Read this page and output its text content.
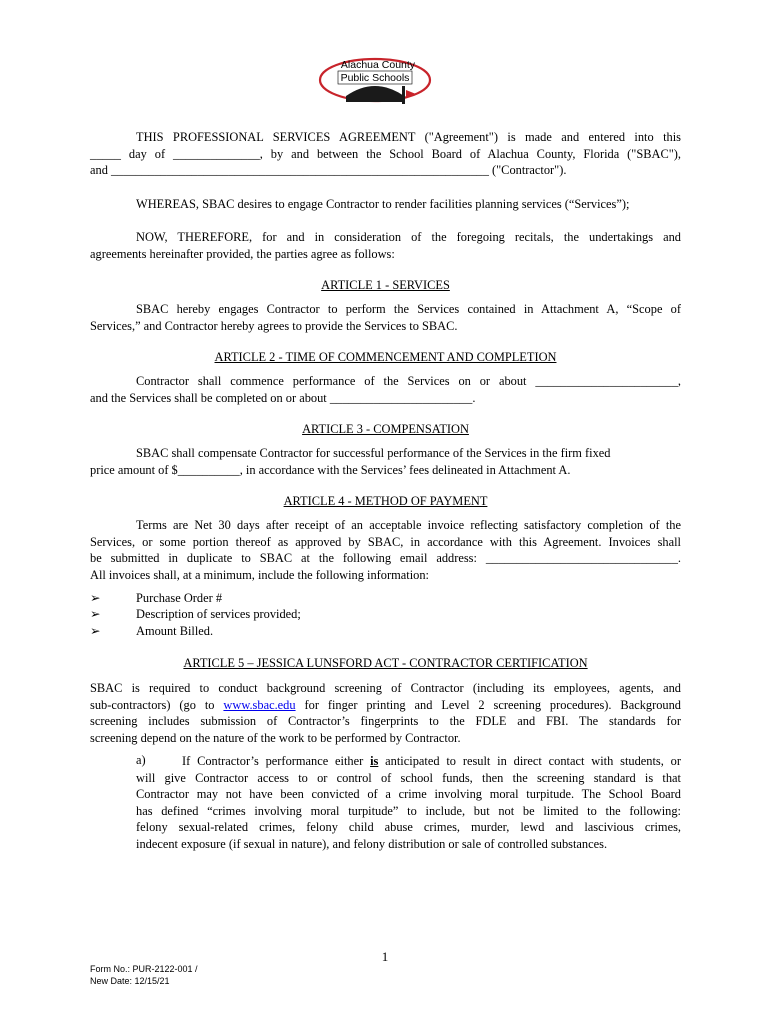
Alachua County
Public Schools
THIS PROFESSIONAL SERVICES AGREEMENT ("Agreement") is made and entered into this
_____ day of ______________, by and between the School Board of Alachua County, Florida ("SBAC"),
and _____________________________________________________________ ("Contractor").
WHEREAS, SBAC desires to engage Contractor to render facilities planning services (“Services”);
NOW, THEREFORE, for and in consideration of the foregoing recitals, the undertakings and
agreements hereinafter provided, the parties agree as follows:
ARTICLE 1 - SERVICES
SBAC hereby engages Contractor to perform the Services contained in Attachment A, “Scope of
Services,” and Contractor hereby agrees to provide the Services to SBAC.
ARTICLE 2 - TIME OF COMMENCEMENT AND COMPLETION
Contractor shall commence performance of the Services on or about _______________________,
and the Services shall be completed on or about _______________________.
ARTICLE 3 - COMPENSATION
SBAC shall compensate Contractor for successful performance of the Services in the firm fixed
price amount of $__________, in accordance with the Services’ fees delineated in Attachment A.
ARTICLE 4 - METHOD OF PAYMENT
Terms are Net 30 days after receipt of an acceptable invoice reflecting satisfactory completion of the
Services, or some portion thereof as approved by SBAC, in accordance with this Agreement. Invoices shall
be submitted in duplicate to SBAC at the following email address: _______________________________.
All invoices shall, at a minimum, include the following information:
➢	Purchase Order #
➢	Description of services provided;
➢	Amount Billed.
ARTICLE 5 – JESSICA LUNSFORD ACT - CONTRACTOR CERTIFICATION
SBAC is required to conduct background screening of Contractor (including its employees, agents, and
sub-contractors) (go to www.sbac.edu for finger printing and Level 2 screening procedures). Background
screening includes submission of Contractor’s fingerprints to the FDLE and FBI. The standards for
screening depend on the nature of the work to be performed by Contractor.
a)	If Contractor’s performance either is anticipated to result in direct contact with students, or
will give Contractor access to or control of school funds, then the screening standard is that
Contractor may not have been convicted of a crime involving moral turpitude. The School Board
has defined “crimes involving moral turpitude” to include, but not be limited to the following:
felony sexual-related crimes, felony child abuse crimes, murder, lewd and lascivious crimes,
indecent exposure (if sexual in nature), and felony distribution or sale of controlled substances.
1
Form No.: PUR-2122-001 /
New Date: 12/15/21
